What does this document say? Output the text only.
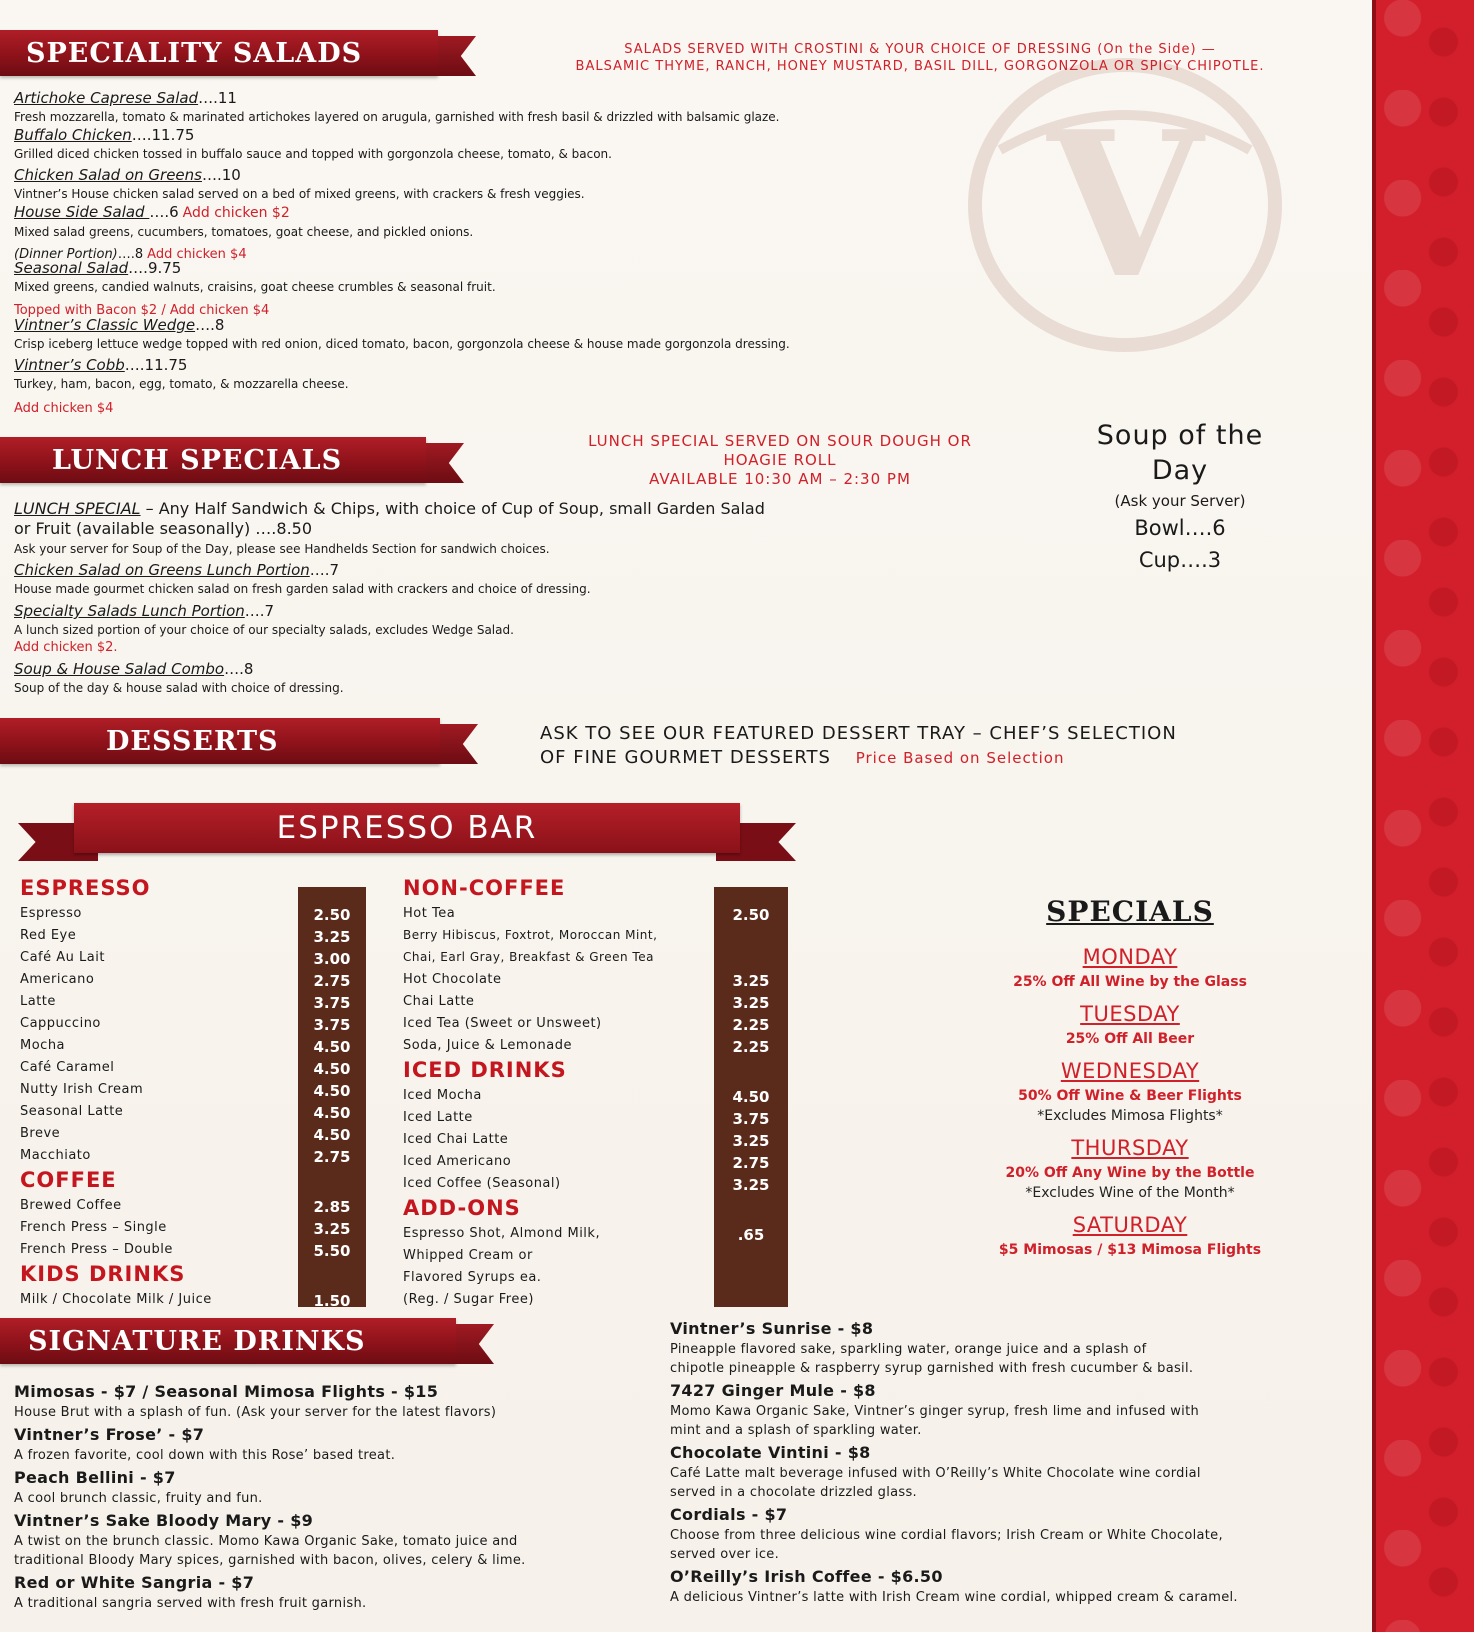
V
SPECIALITY SALADS	SALADS SERVED WITH CROSTINI & YOUR CHOICE OF DRESSING (On the Side) —
BALSAMIC THYME, RANCH, HONEY MUSTARD, BASIL DILL, GORGONZOLA OR SPICY CHIPOTLE.
Artichoke Caprese Salad….11
Fresh mozzarella, tomato & marinated artichokes layered on arugula, garnished with fresh basil & drizzled with balsamic glaze.
Buffalo Chicken….11.75
Grilled diced chicken tossed in buffalo sauce and topped with gorgonzola cheese, tomato, & bacon.
Chicken Salad on Greens….10
Vintner’s House chicken salad served on a bed of mixed greens, with crackers & fresh veggies.
House Side Salad ….6 Add chicken $2
Mixed salad greens, cucumbers, tomatoes, goat cheese, and pickled onions.
Seasonal Salad….9.75
Mixed greens, candied walnuts, craisins, goat cheese crumbles & seasonal fruit.
Vintner’s Classic Wedge….8
Crisp iceberg lettuce wedge topped with red onion, diced tomato, bacon, gorgonzola cheese & house made gorgonzola dressing.
Vintner’s Cobb….11.75
Turkey, ham, bacon, egg, tomato, & mozzarella cheese.
(Dinner Portion)….8 Add chicken $4
Topped with Bacon $2 / Add chicken $4
Add chicken $4
LUNCH SPECIALS
LUNCH SPECIAL SERVED ON SOUR DOUGH OR
HOAGIE ROLL
AVAILABLE 10:30 AM – 2:30 PM
Soup of the
Day
(Ask your Server)
Bowl….6
Cup….3
LUNCH SPECIAL – Any Half Sandwich & Chips, with choice of Cup of Soup, small Garden Salad
or Fruit (available seasonally) ….8.50
Ask your server for Soup of the Day, please see Handhelds Section for sandwich choices.
Chicken Salad on Greens Lunch Portion….7
House made gourmet chicken salad on fresh garden salad with crackers and choice of dressing.
Specialty Salads Lunch Portion….7
A lunch sized portion of your choice of our specialty salads, excludes Wedge Salad.
Soup & House Salad Combo….8
Soup of the day & house salad with choice of dressing.
Add chicken $2.
DESSERTS	ASK TO SEE OUR FEATURED DESSERT TRAY – CHEF’S SELECTION
OF FINE GOURMET DESSERTS Price Based on Selection
ESPRESSO BAR
2.50
3.25
3.00
2.75
3.75
3.75
4.50
4.50
4.50
4.50
4.50
2.75
2.85
3.25
5.50
1.50
2.50
3.25
3.25
2.25
2.25
4.50
3.75
3.25
2.75
3.25
.65
ESPRESSO
Espresso
Red Eye
Café Au Lait
Americano
Latte
Cappuccino
Mocha
Café Caramel
Nutty Irish Cream
Seasonal Latte
Breve
Macchiato
COFFEE
Brewed Coffee
French Press – Single
French Press – Double
KIDS DRINKS
Milk / Chocolate Milk / Juice
NON-COFFEE
Hot Tea
Berry Hibiscus, Foxtrot, Moroccan Mint,
Chai, Earl Gray, Breakfast & Green Tea
Hot Chocolate
Chai Latte
Iced Tea (Sweet or Unsweet)
Soda, Juice & Lemonade
ICED DRINKS
Iced Mocha
Iced Latte
Iced Chai Latte
Iced Americano
Iced Coffee (Seasonal)
ADD-ONS
Espresso Shot, Almond Milk,
Whipped Cream or
Flavored Syrups ea.
(Reg. / Sugar Free)
SPECIALS
MONDAY
25% Off All Wine by the Glass
TUESDAY
25% Off All Beer
WEDNESDAY
50% Off Wine & Beer Flights
*Excludes Mimosa Flights*
THURSDAY
20% Off Any Wine by the Bottle
*Excludes Wine of the Month*
SATURDAY
$5 Mimosas / $13 Mimosa Flights
SIGNATURE DRINKS
Mimosas - $7 / Seasonal Mimosa Flights - $15
House Brut with a splash of fun. (Ask your server for the latest flavors)
Vintner’s Frose’ - $7
A frozen favorite, cool down with this Rose’ based treat.
Peach Bellini - $7
A cool brunch classic, fruity and fun.
Vintner’s Sake Bloody Mary - $9
A twist on the brunch classic. Momo Kawa Organic Sake, tomato juice and
traditional Bloody Mary spices, garnished with bacon, olives, celery & lime.
Red or White Sangria - $7
A traditional sangria served with fresh fruit garnish.
Vintner’s Sunrise - $8
Pineapple flavored sake, sparkling water, orange juice and a splash of
chipotle pineapple & raspberry syrup garnished with fresh cucumber & basil.
7427 Ginger Mule - $8
Momo Kawa Organic Sake, Vintner’s ginger syrup, fresh lime and infused with
mint and a splash of sparkling water.
Chocolate Vintini - $8
Café Latte malt beverage infused with O’Reilly’s White Chocolate wine cordial
served in a chocolate drizzled glass.
Cordials - $7
Choose from three delicious wine cordial flavors; Irish Cream or White Chocolate,
served over ice.
O’Reilly’s Irish Coffee - $6.50
A delicious Vintner’s latte with Irish Cream wine cordial, whipped cream & caramel.
